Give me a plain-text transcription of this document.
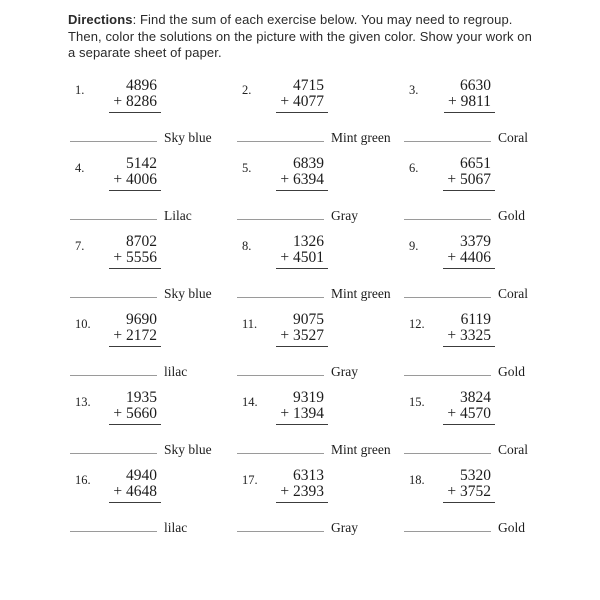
Directions: Find the sum of each exercise below. You may need to regroup.
Then, color the solutions on the picture with the given color. Show your work on
a separate sheet of paper.

1.	4896
+ 8286
Sky blue
2.	4715
+ 4077
Mint green
3.	6630
+ 9811
Coral
4.	5142
+ 4006
Lilac
5.	6839
+ 6394
Gray
6.	6651
+ 5067
Gold
7.	8702
+ 5556
Sky blue
8.	1326
+ 4501
Mint green
9.	3379
+ 4406
Coral
10.	9690
+ 2172
lilac
11.	9075
+ 3527
Gray
12.	6119
+ 3325
Gold
13.	1935
+ 5660
Sky blue
14.	9319
+ 1394
Mint green
15.	3824
+ 4570
Coral
16.	4940
+ 4648
lilac
17.	6313
+ 2393
Gray
18.	5320
+ 3752
Gold
